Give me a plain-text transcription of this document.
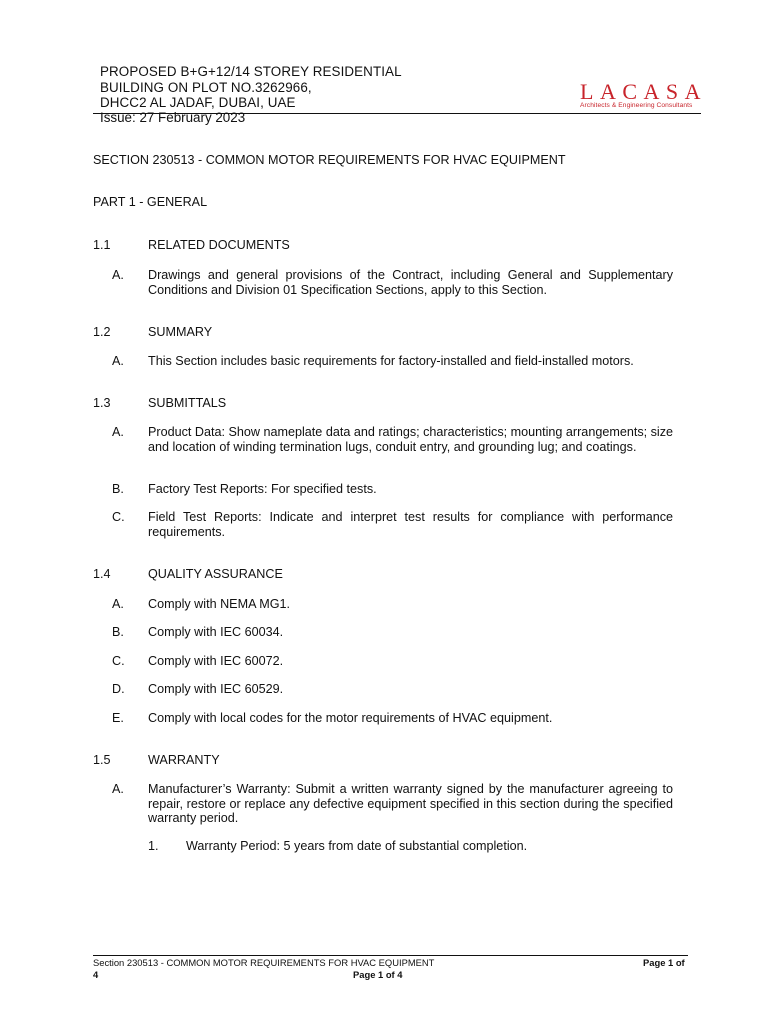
PROPOSED B+G+12/14 STOREY RESIDENTIAL
BUILDING ON PLOT NO.3262966,
DHCC2 AL JADAF, DUBAI, UAE
Issue: 27 February 2023
LACASA
Architects & Engineering Consultants
SECTION 230513 - COMMON MOTOR REQUIREMENTS FOR HVAC EQUIPMENT
PART 1 - GENERAL
1.1	RELATED DOCUMENTS
A. Drawings and general provisions of the Contract, including General and Supplementary Conditions and Division 01 Specification Sections, apply to this Section.
1.2	SUMMARY
A. This Section includes basic requirements for factory-installed and field-installed motors.
1.3	SUBMITTALS
A. Product Data: Show nameplate data and ratings; characteristics; mounting arrangements; size and location of winding termination lugs, conduit entry, and grounding lug; and coatings.
B. Factory Test Reports: For specified tests.
C. Field Test Reports: Indicate and interpret test results for compliance with performance requirements.
1.4	QUALITY ASSURANCE
A. Comply with NEMA MG1.
B. Comply with IEC 60034.
C. Comply with IEC 60072.
D. Comply with IEC 60529.
E. Comply with local codes for the motor requirements of HVAC equipment.
1.5	WARRANTY
A. Manufacturer’s Warranty: Submit a written warranty signed by the manufacturer agreeing to repair, restore or replace any defective equipment specified in this section during the specified warranty period.
1. Warranty Period: 5 years from date of substantial completion.
Section 230513 - COMMON MOTOR REQUIREMENTS FOR HVAC EQUIPMENT	Page 1 of
4	Page 1 of 4
